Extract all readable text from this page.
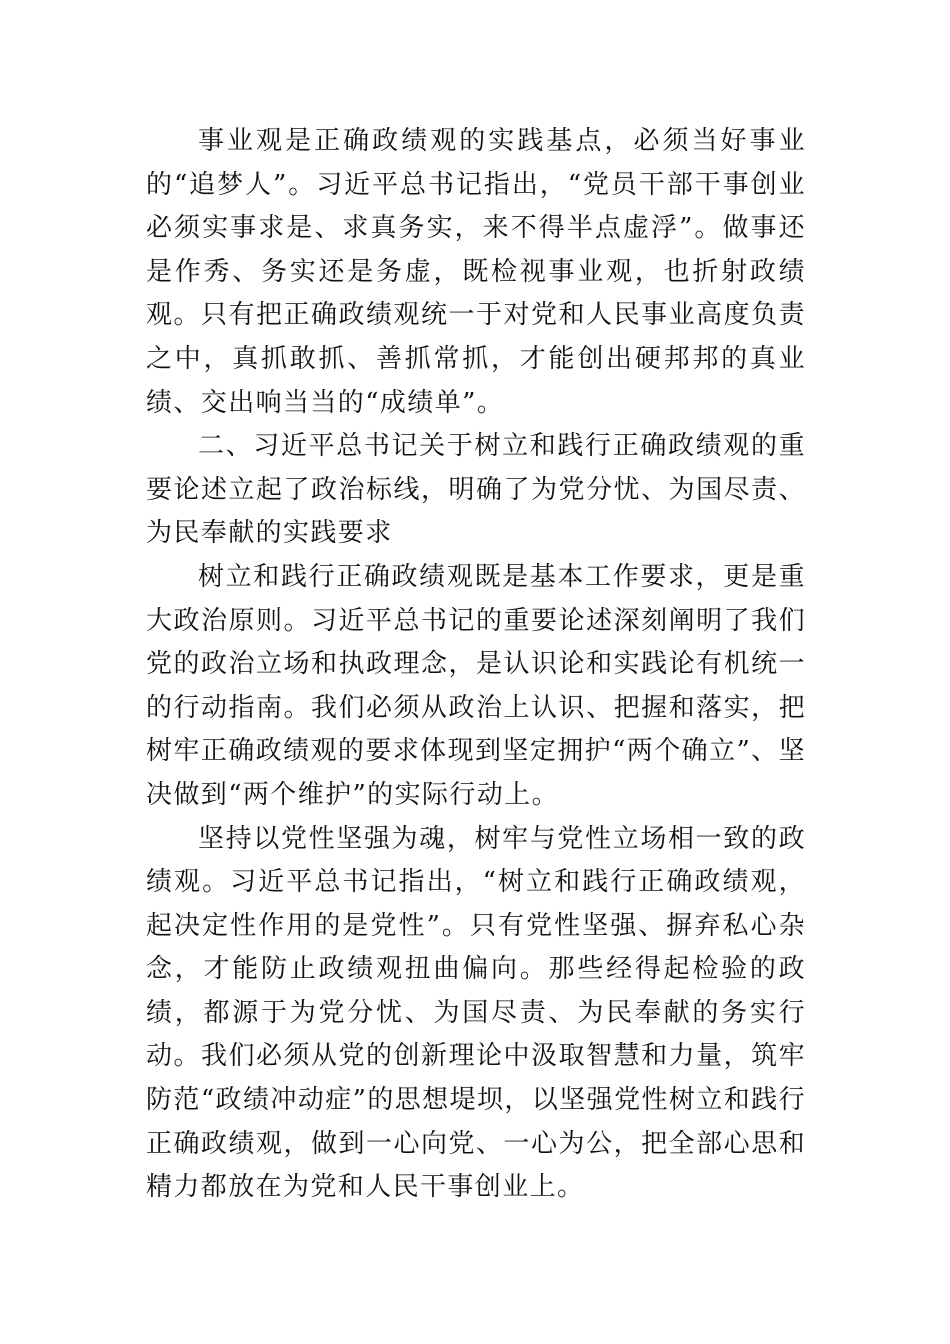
事业观是正确政绩观的实践基点，必须当好事业的“追梦人”。习近平总书记指出，“党员干部干事创业必须实事求是、求真务实，来不得半点虚浮”。做事还是作秀、务实还是务虚，既检视事业观，也折射政绩观。只有把正确政绩观统一于对党和人民事业高度负责之中，真抓敢抓、善抓常抓，才能创出硬邦邦的真业绩、交出响当当的“成绩单”。

二、习近平总书记关于树立和践行正确政绩观的重要论述立起了政治标线，明确了为党分忧、为国尽责、为民奉献的实践要求

树立和践行正确政绩观既是基本工作要求，更是重大政治原则。习近平总书记的重要论述深刻阐明了我们党的政治立场和执政理念，是认识论和实践论有机统一的行动指南。我们必须从政治上认识、把握和落实，把树牢正确政绩观的要求体现到坚定拥护“两个确立”、坚决做到“两个维护”的实际行动上。

坚持以党性坚强为魂，树牢与党性立场相一致的政绩观。习近平总书记指出，“树立和践行正确政绩观，起决定性作用的是党性”。只有党性坚强、摒弃私心杂念，才能防止政绩观扭曲偏向。那些经得起检验的政绩，都源于为党分忧、为国尽责、为民奉献的务实行动。我们必须从党的创新理论中汲取智慧和力量，筑牢防范“政绩冲动症”的思想堤坝，以坚强党性树立和践行正确政绩观，做到一心向党、一心为公，把全部心思和精力都放在为党和人民干事创业上。
